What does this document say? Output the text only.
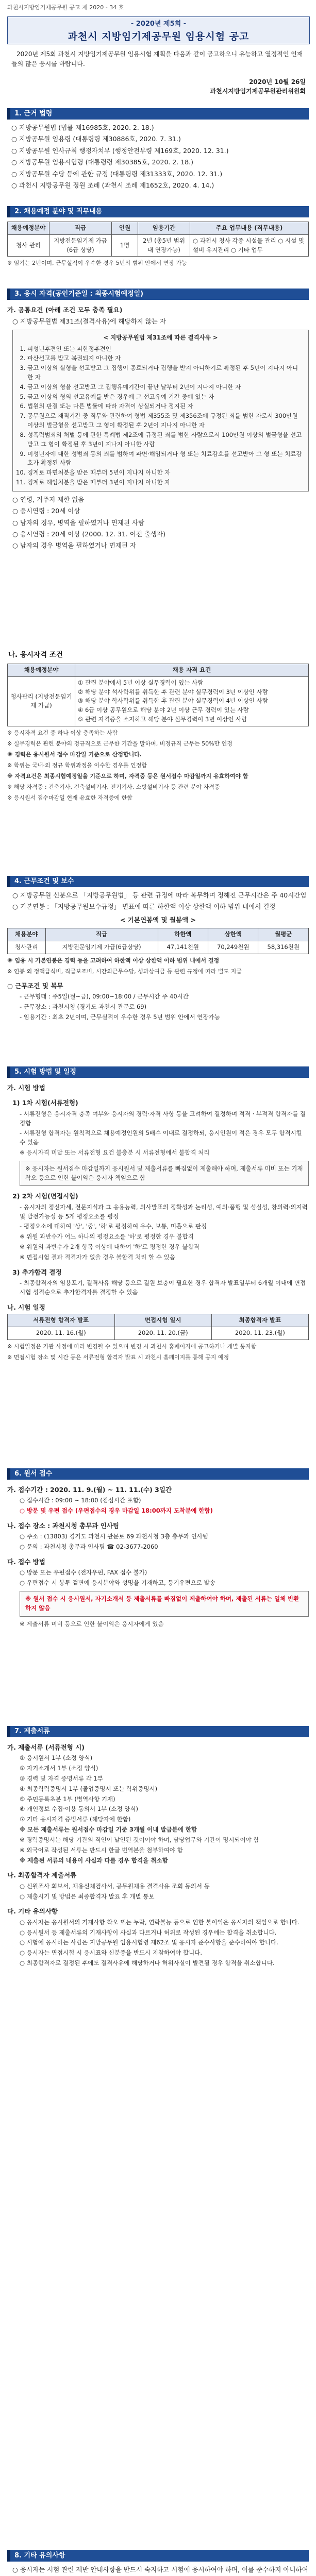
과천시지방임기제공무원 공고 제 2020 - 34 호
- 2020년 제5회 -
과천시 지방임기제공무원 임용시험 공고

2020년 제5회 과천시 지방임기제공무원 임용시험 계획을 다음과 같이 공고하오니 유능하고 열정적인 인재들의 많은 응시를 바랍니다.

2020년 10월 26일
과천시지방임기제공무원관리위원회
1. 근거 법령
○ 지방공무원법 (법률 제16985호, 2020. 2. 18.)
○ 지방공무원 임용령 (대통령령 제30886호, 2020. 7. 31.)
○ 지방공무원 인사규칙 행정자치부 (행정안전부령 제169호, 2020. 12. 31.)
○ 지방공무원 임용시험령 (대통령령 제30385호, 2020. 2. 18.)
○ 지방공무원 수당 등에 관한 규정 (대통령령 제31333호, 2020. 12. 31.)
○ 과천시 지방공무원 정원 조례 (과천시 조례 제1652호, 2020. 4. 14.)
2. 채용예정 분야 및 직무내용
채용예정분야	직급	인원	임용기간	주요 업무내용 (직무내용)
청사 관리	지방전문임기제 가급(6급 상당)	1명	2년 (총5년 범위 내 연장가능)	○ 과천시 청사 각종 시설물 관리 ○ 시설 및 설비 유지관리 ○ 기타 업무
※ 임기는 2년이며, 근무실적이 우수한 경우 5년의 범위 안에서 연장 가능
3. 응시 자격(공인기준일 : 최종시험예정일)
가. 공통요건 (아래 조건 모두 충족 필요)
○ 지방공무원법 제31조(결격사유)에 해당하지 않는 자
< 지방공무원법 제31조에 따른 결격사유 >
1. 피성년후견인 또는 피한정후견인
2. 파산선고를 받고 복권되지 아니한 자
3. 금고 이상의 실형을 선고받고 그 집행이 종료되거나 집행을 받지 아니하기로 확정된 후 5년이 지나지 아니한 자
4. 금고 이상의 형을 선고받고 그 집행유예기간이 끝난 날부터 2년이 지나지 아니한 자
5. 금고 이상의 형의 선고유예를 받은 경우에 그 선고유예 기간 중에 있는 자
6. 법원의 판결 또는 다른 법률에 따라 자격이 상실되거나 정지된 자
7. 공무원으로 재직기간 중 직무와 관련하여 형법 제355조 및 제356조에 규정된 죄를 범한 자로서 300만원 이상의 벌금형을 선고받고 그 형이 확정된 후 2년이 지나지 아니한 자
8. 성폭력범죄의 처벌 등에 관한 특례법 제2조에 규정된 죄를 범한 사람으로서 100만원 이상의 벌금형을 선고받고 그 형이 확정된 후 3년이 지나지 아니한 사람
9. 미성년자에 대한 성범죄 등의 죄를 범하여 파면·해임되거나 형 또는 치료감호를 선고받아 그 형 또는 치료감호가 확정된 사람
10. 징계로 파면처분을 받은 때부터 5년이 지나지 아니한 자
11. 징계로 해임처분을 받은 때부터 3년이 지나지 아니한 자
○ 연령, 거주지 제한 없음
○ 응시연령 : 20세 이상
○ 남자의 경우, 병역을 필하였거나 면제된 사람
○ 응시연령 : 20세 이상 (2000. 12. 31. 이전 출생자)
○ 남자의 경우 병역을 필하였거나 면제된 자
나. 응시자격 조건
채용예정분야	채용 자격 요건
청사관리 (지방전문임기제 가급)	① 관련 분야에서 5년 이상 실무경력이 있는 사람
② 해당 분야 석사학위를 취득한 후 관련 분야 실무경력이 3년 이상인 사람
③ 해당 분야 학사학위를 취득한 후 관련 분야 실무경력이 4년 이상인 사람
④ 6급 이상 공무원으로 해당 분야 2년 이상 근무 경력이 있는 사람
⑤ 관련 자격증을 소지하고 해당 분야 실무경력이 3년 이상인 사람
※ 응시자격 요건 중 하나 이상 충족하는 사람
※ 실무경력은 관련 분야의 정규직으로 근무한 기간을 말하며, 비정규직 근무는 50%만 인정
※ 경력은 응시원서 접수 마감일 기준으로 산정합니다.
※ 학위는 국내·외 정규 학위과정을 이수한 경우를 인정함
※ 자격요건은 최종시험예정일을 기준으로 하며, 자격증 등은 원서접수 마감일까지 유효하여야 함
※ 해당 자격증 : 건축기사, 건축설비기사, 전기기사, 소방설비기사 등 관련 분야 자격증
※ 응시원서 접수마감일 현재 유효한 자격증에 한함
4. 근무조건 및 보수
○ 지방공무원 신분으로 「지방공무원법」 등 관련 규정에 따라 복무하며 정해진 근무시간은 주 40시간임
○ 기본연봉 : 「지방공무원보수규정」 별표에 따른 하한액 이상 상한액 이하 범위 내에서 결정
< 기본연봉액 및 월봉액 >
채용분야	직급	하한액	상한액	월평균
청사관리	지방전문임기제 가급(6급상당)	47,141천원	70,249천원	58,316천원
※ 임용 시 기본연봉은 경력 등을 고려하여 하한액 이상 상한액 이하 범위 내에서 결정
※ 연봉 외 정액급식비, 직급보조비, 시간외근무수당, 성과상여금 등 관련 규정에 따라 별도 지급
○ 근무조건 및 복무
- 근무형태 : 주5일(월~금), 09:00~18:00 / 근무시간 주 40시간
- 근무장소 : 과천시청 (경기도 과천시 관문로 69)
- 임용기간 : 최초 2년이며, 근무실적이 우수한 경우 5년 범위 안에서 연장가능
5. 시험 방법 및 일정
가. 시험 방법
1) 1차 시험(서류전형)
- 서류전형은 응시자격 충족 여부와 응시자의 경력·자격 사항 등을 고려하여 결정하며 적격 · 부적격 합격자를 결정함
- 서류전형 합격자는 원칙적으로 채용예정인원의 5배수 이내로 결정하되, 응시인원이 적은 경우 모두 합격시킬 수 있음
※ 응시자격 미달 또는 서류전형 요건 불충분 시 서류전형에서 불합격 처리
※ 응시자는 원서접수 마감일까지 응시원서 및 제출서류를 빠짐없이 제출해야 하며, 제출서류 미비 또는 기재착오 등으로 인한 불이익은 응시자 책임으로 함
2) 2차 시험(면접시험)
- 응시자의 정신자세, 전문지식과 그 응용능력, 의사발표의 정확성과 논리성, 예의·품행 및 성실성, 창의력·의지력 및 발전가능성 등 5개 평정요소를 평정
- 평정요소에 대하여 '상', '중', '하'로 평정하여 우수, 보통, 미흡으로 판정
※ 위원 과반수가 어느 하나의 평정요소를 '하'로 평정한 경우 불합격
※ 위원의 과반수가 2개 항목 이상에 대하여 '하'로 평정한 경우 불합격
※ 면접시험 결과 적격자가 없을 경우 불합격 처리 할 수 있음
3) 추가합격 결정
- 최종합격자의 임용포기, 결격사유 해당 등으로 결원 보충이 필요한 경우 합격자 발표일부터 6개월 이내에 면접시험 성적순으로 추가합격자를 결정할 수 있음
나. 시험 일정
서류전형 합격자 발표	면접시험 일시	최종합격자 발표
2020. 11. 16.(월)	2020. 11. 20.(금)	2020. 11. 23.(월)
※ 시험일정은 기관 사정에 따라 변경될 수 있으며 변경 시 과천시 홈페이지에 공고하거나 개별 통지함
※ 면접시험 장소 및 시간 등은 서류전형 합격자 발표 시 과천시 홈페이지를 통해 공지 예정
6. 원서 접수
가. 접수기간 : 2020. 11. 9.(월) ~ 11. 11.(수) 3일간
○ 접수시간 : 09:00 ~ 18:00 (점심시간 포함)
○ 방문 및 우편 접수 (우편접수의 경우 마감일 18:00까지 도착분에 한함)
나. 접수 장소 : 과천시청 총무과 인사팀
○ 주소 : (13803) 경기도 과천시 관문로 69 과천시청 3층 총무과 인사팀
○ 문의 : 과천시청 총무과 인사팀 ☎ 02-3677-2060
다. 접수 방법
○ 방문 또는 우편접수 (전자우편, FAX 접수 불가)
○ 우편접수 시 봉투 겉면에 응시분야와 성명을 기재하고, 등기우편으로 발송
※ 원서 접수 시 응시원서, 자기소개서 등 제출서류를 빠짐없이 제출하여야 하며, 제출된 서류는 일체 반환하지 않음
※ 제출서류 미비 등으로 인한 불이익은 응시자에게 있음
7. 제출서류
가. 제출서류 (서류전형 시)
① 응시원서 1부 (소정 양식)
② 자기소개서 1부 (소정 양식)
③ 경력 및 자격 증명서류 각 1부
④ 최종학력증명서 1부 (졸업증명서 또는 학위증명서)
⑤ 주민등록초본 1부 (병역사항 기재)
⑥ 개인정보 수집·이용 동의서 1부 (소정 양식)
⑦ 기타 응시자격 증빙서류 (해당자에 한함)
※ 모든 제출서류는 원서접수 마감일 기준 3개월 이내 발급분에 한함
※ 경력증명서는 해당 기관의 직인이 날인된 것이어야 하며, 담당업무와 기간이 명시되어야 함
※ 외국어로 작성된 서류는 반드시 한글 번역본을 첨부하여야 함
※ 제출된 서류의 내용이 사실과 다를 경우 합격을 취소함
나. 최종합격자 제출서류
○ 신원조사 회보서, 채용신체검사서, 공무원채용 결격사유 조회 동의서 등
○ 제출시기 및 방법은 최종합격자 발표 후 개별 통보
다. 기타 유의사항
○ 응시자는 응시원서의 기재사항 착오 또는 누락, 연락불능 등으로 인한 불이익은 응시자의 책임으로 합니다.
○ 응시원서 등 제출서류의 기재사항이 사실과 다르거나 허위로 작성된 경우에는 합격을 취소합니다.
○ 시험에 응시하는 사람은 지방공무원 임용시험령 제62조 및 응시자 준수사항을 준수하여야 합니다.
○ 응시자는 면접시험 시 응시표와 신분증을 반드시 지참하여야 합니다.
○ 최종합격자로 결정된 후에도 결격사유에 해당하거나 허위사실이 발견될 경우 합격을 취소합니다.
8. 기타 유의사항
○ 응시자는 시험 관련 제반 안내사항을 반드시 숙지하고 시험에 응시하여야 하며, 이를 준수하지 아니하여
